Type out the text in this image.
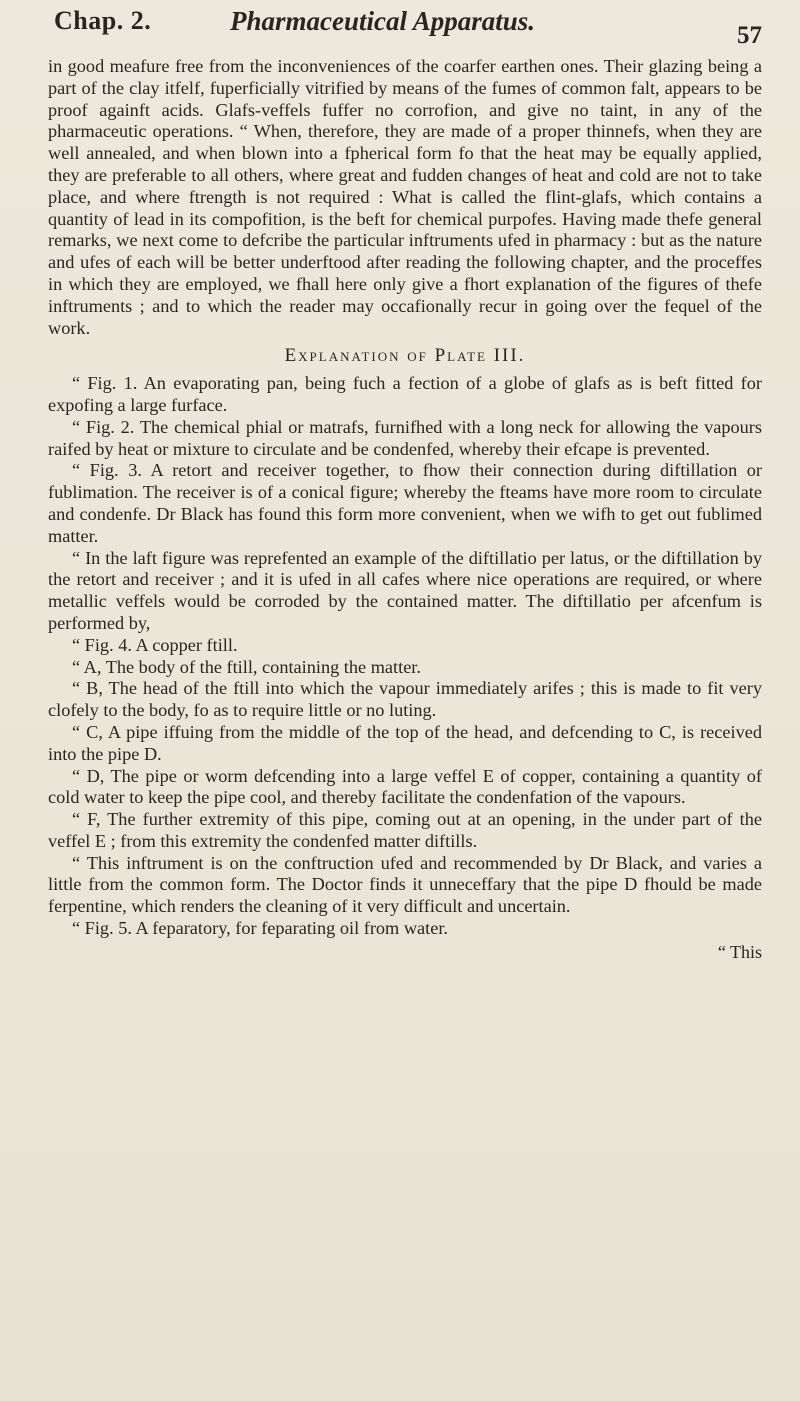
Chap. 2.	Pharmaceutical Apparatus.	57

in good meafure free from the inconveniences of the coarfer earthen ones. Their glazing being a part of the clay itfelf, fuperficially vitrified by means of the fumes of common falt, appears to be proof againft acids. Glafs-veffels fuffer no corrofion, and give no taint, in any of the pharmaceutic operations. “ When, therefore, they are made of a proper thinnefs, when they are well annealed, and when blown into a fpherical form fo that the heat may be equally applied, they are preferable to all others, where great and fudden changes of heat and cold are not to take place, and where ftrength is not required : What is called the flint-glafs, which contains a quantity of lead in its compofition, is the beft for chemical purpofes. Having made thefe general remarks, we next come to defcribe the particular inftruments ufed in pharmacy : but as the nature and ufes of each will be better underftood after reading the following chapter, and the proceffes in which they are employed, we fhall here only give a fhort explanation of the figures of thefe inftruments ; and to which the reader may occafionally recur in going over the fequel of the work.

Explanation of Plate III.

“ Fig. 1. An evaporating pan, being fuch a fection of a globe of glafs as is beft fitted for expofing a large furface.

“ Fig. 2. The chemical phial or matrafs, furnifhed with a long neck for allowing the vapours raifed by heat or mixture to circulate and be condenfed, whereby their efcape is prevented.

“ Fig. 3. A retort and receiver together, to fhow their connection during diftillation or fublimation. The receiver is of a conical figure; whereby the fteams have more room to circulate and condenfe. Dr Black has found this form more convenient, when we wifh to get out fublimed matter.

“ In the laft figure was reprefented an example of the diftillatio per latus, or the diftillation by the retort and receiver ; and it is ufed in all cafes where nice operations are required, or where metallic veffels would be corroded by the contained matter. The diftillatio per afcenfum is performed by,

“ Fig. 4. A copper ftill.

“ A, The body of the ftill, containing the matter.

“ B, The head of the ftill into which the vapour immediately arifes ; this is made to fit very clofely to the body, fo as to require little or no luting.

“ C, A pipe iffuing from the middle of the top of the head, and defcending to C, is received into the pipe D.

“ D, The pipe or worm defcending into a large veffel E of copper, containing a quantity of cold water to keep the pipe cool, and thereby facilitate the condenfation of the vapours.

“ F, The further extremity of this pipe, coming out at an opening, in the under part of the veffel E ; from this extremity the condenfed matter diftills.

“ This inftrument is on the conftruction ufed and recommended by Dr Black, and varies a little from the common form. The Doctor finds it unneceffary that the pipe D fhould be made ferpentine, which renders the cleaning of it very difficult and uncertain.

“ Fig. 5. A feparatory, for feparating oil from water.

“ This
